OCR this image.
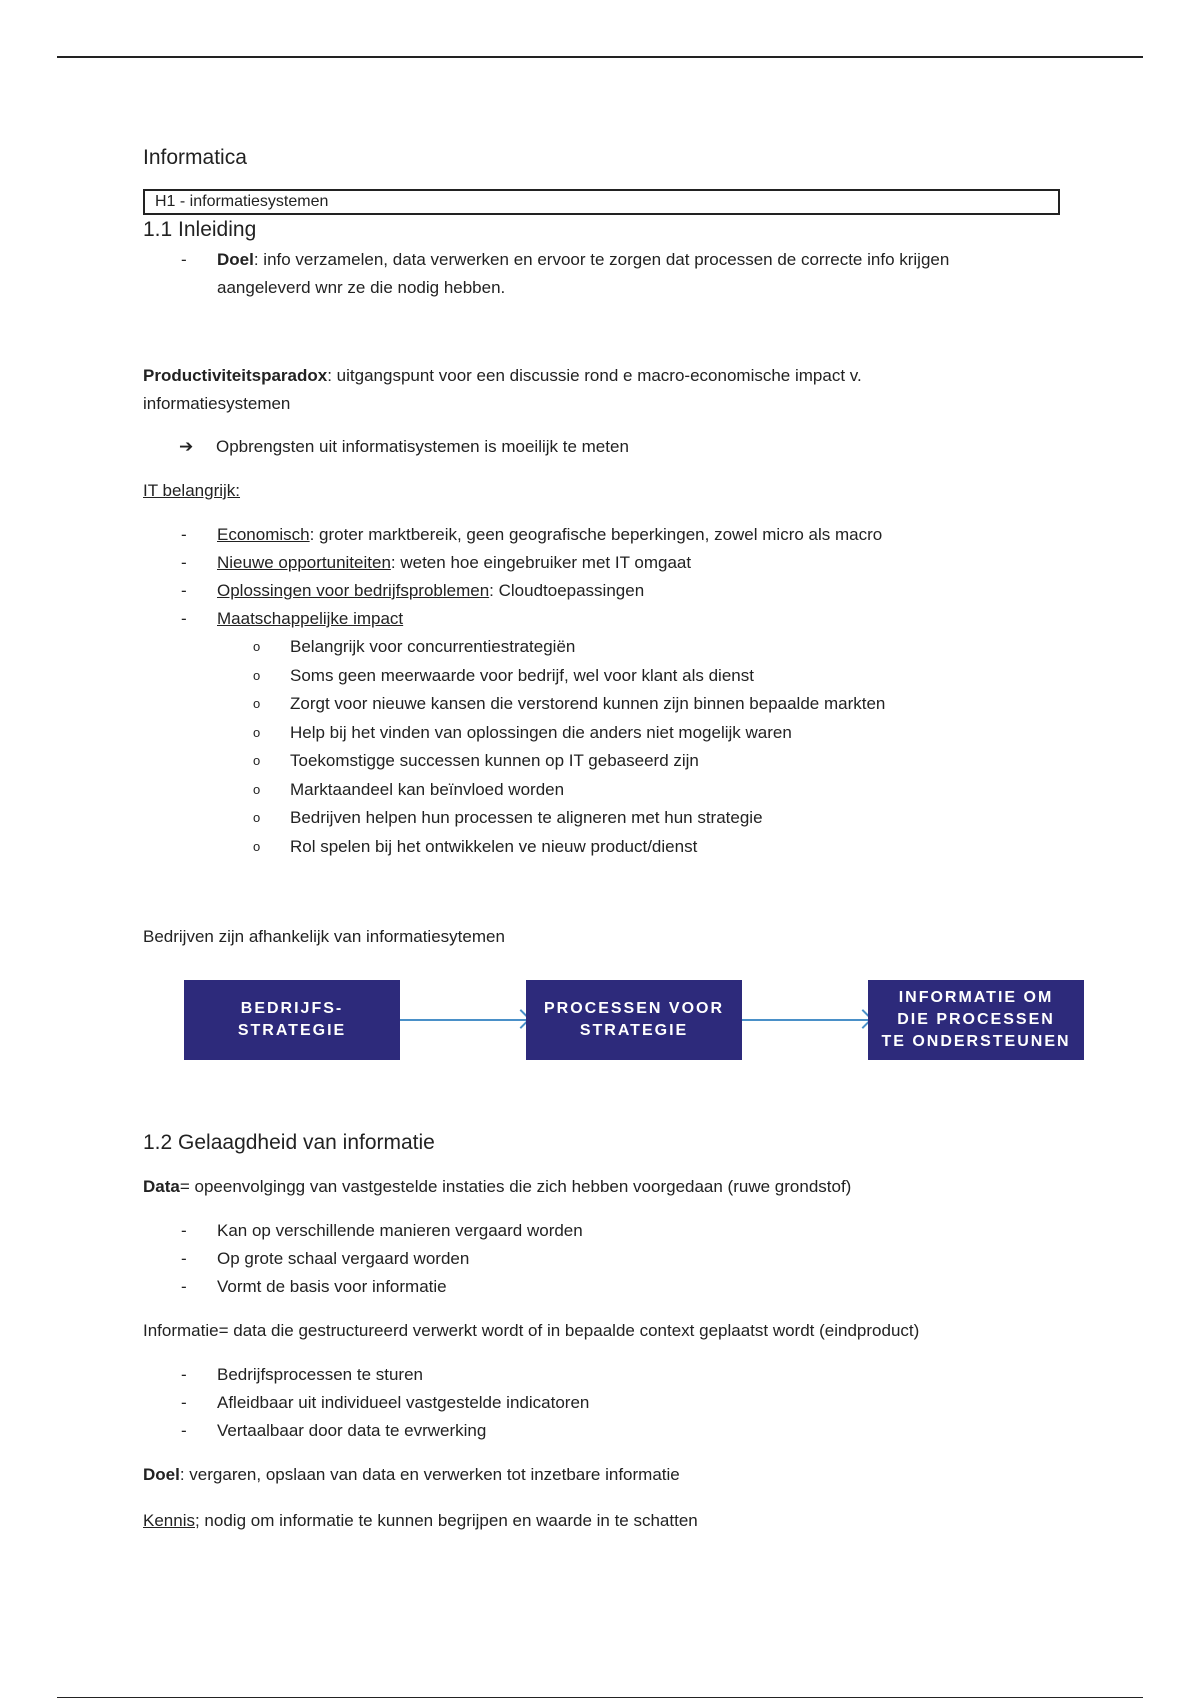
Informatica
H1 - informatiesystemen
1.1 Inleiding
- Doel: info verzamelen, data verwerken en ervoor te zorgen dat processen de correcte info krijgen
aangeleverd wnr ze die nodig hebben.

Productiviteitsparadox: uitgangspunt voor een discussie rond e macro-economische impact v.
informatiesystemen

➔ Opbrengsten uit informatisystemen is moeilijk te meten

IT belangrijk:

- Economisch: groter marktbereik, geen geografische beperkingen, zowel micro als macro
- Nieuwe opportuniteiten: weten hoe eingebruiker met IT omgaat
- Oplossingen voor bedrijfsproblemen: Cloudtoepassingen
- Maatschappelijke impact
o Belangrijk voor concurrentiestrategiën
o Soms geen meerwaarde voor bedrijf, wel voor klant als dienst
o Zorgt voor nieuwe kansen die verstorend kunnen zijn binnen bepaalde markten
o Help bij het vinden van oplossingen die anders niet mogelijk waren
o Toekomstigge successen kunnen op IT gebaseerd zijn
o Marktaandeel kan beïnvloed worden
o Bedrijven helpen hun processen te aligneren met hun strategie
o Rol spelen bij het ontwikkelen ve nieuw product/dienst

Bedrijven zijn afhankelijk van informatiesytemen

BEDRIJFS-
STRATEGIE
PROCESSEN VOOR
STRATEGIE
INFORMATIE OM
DIE PROCESSEN
TE ONDERSTEUNEN
1.2 Gelaagdheid van informatie

Data= opeenvolgingg van vastgestelde instaties die zich hebben voorgedaan (ruwe grondstof)

- Kan op verschillende manieren vergaard worden
- Op grote schaal vergaard worden
- Vormt de basis voor informatie

Informatie= data die gestructureerd verwerkt wordt of in bepaalde context geplaatst wordt (eindproduct)

- Bedrijfsprocessen te sturen
- Afleidbaar uit individueel vastgestelde indicatoren
- Vertaalbaar door data te evrwerking

Doel: vergaren, opslaan van data en verwerken tot inzetbare informatie

Kennis; nodig om informatie te kunnen begrijpen en waarde in te schatten
